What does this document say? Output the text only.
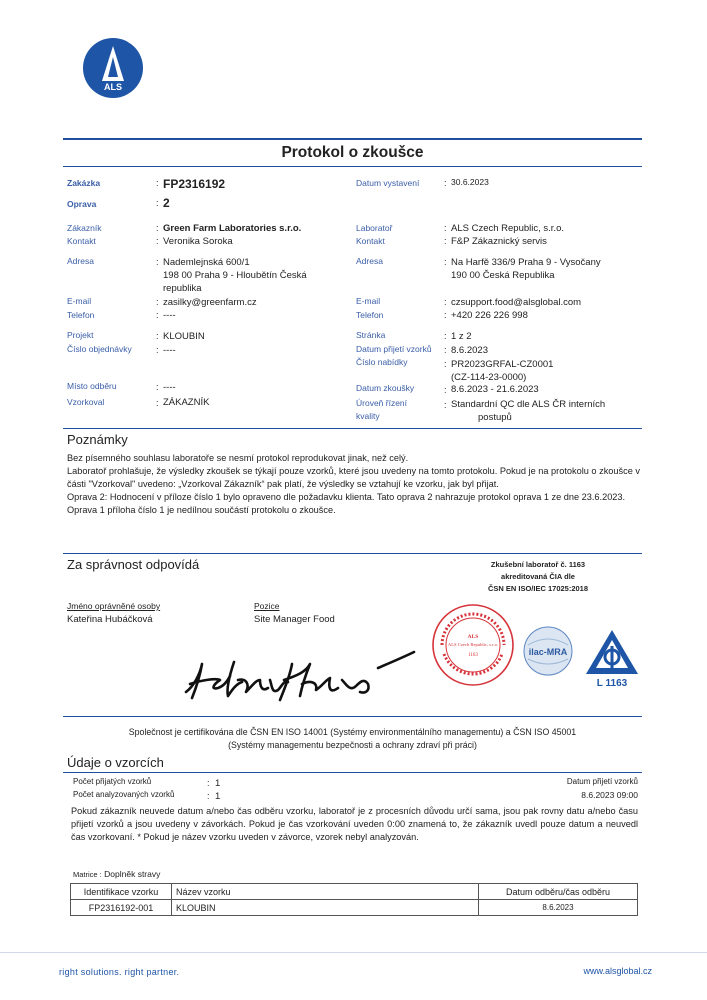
ALS
Protokol o zkoušce
Zakázka	: FP2316192
Oprava	: 2
Datum vystavení	: 30.6.2023
Zákazník	: Green Farm Laboratories s.r.o.
Kontakt	: Veronika Soroka
Adresa	: Nademlejnská 600/1
198 00 Praha 9 - Hloubětín Česká
republika
E-mail	: zasilky@greenfarm.cz
Telefon	: ----
Projekt	: KLOUBIN
Číslo objednávky	: ----
Místo odběru	: ----
Vzorkoval	: ZÁKAZNÍK
Laboratoř	: ALS Czech Republic, s.r.o.
Kontakt	: F&P Zákaznický servis
Adresa	: Na Harfě 336/9 Praha 9 - Vysočany
190 00 Česká Republika
E-mail	: czsupport.food@alsglobal.com
Telefon	: +420 226 226 998
Stránka	: 1 z 2
Datum přijetí vzorků : 8.6.2023
Číslo nabídky	: PR2023GRFAL-CZ0001
(CZ-114-23-0000)
Datum zkoušky	: 8.6.2023 - 21.6.2023
Úroveň řízení
kvality
: Standardní QC dle ALS ČR interních
postupů
Poznámky
Bez písemného souhlasu laboratoře se nesmí protokol reprodukovat jinak, než celý.
Laboratoř prohlašuje, že výsledky zkoušek se týkají pouze vzorků, které jsou uvedeny na tomto protokolu. Pokud je na protokolu o zkoušce v části "Vzorkoval" uvedeno: „Vzorkoval Zákazník“ pak platí, že výsledky se vztahují ke vzorku, jak byl přijat.
Oprava 2: Hodnocení v příloze číslo 1 bylo opraveno dle požadavku klienta. Tato oprava 2 nahrazuje protokol oprava 1 ze dne 23.6.2023.
Oprava 1 příloha číslo 1 je nedílnou součástí protokolu o zkoušce.
Za správnost odpovídá	Zkušební laboratoř č. 1163
akreditovaná ČIA dle
ČSN EN ISO/IEC 17025:2018
Jméno oprávněné osoby
Kateřina Hubáčková
Pozice
Site Manager Food
ALS
ALS Czech Republic, s.r.o.
1163	ilac-MRA
L 1163
Společnost je certifikována dle ČSN EN ISO 14001 (Systémy environmentálního managementu) a ČSN ISO 45001
(Systémy managementu bezpečnosti a ochrany zdraví při práci)
Údaje o vzorcích
Počet přijatých vzorků	: 1
Počet analyzovaných vzorků	: 1
Datum přijetí vzorků
8.6.2023 09:00
Pokud zákazník neuvede datum a/nebo čas odběru vzorku, laboratoř je z procesních důvodu určí sama, jsou pak rovny datu a/nebo času přijetí vzorků a jsou uvedeny v závorkách. Pokud je čas vzorkování uveden 0:00 znamená to, že zákazník uvedl pouze datum a neuvedl čas vzorkovaní. * Pokud je název vzorku uveden v závorce, vzorek nebyl analyzován.
Matrice : Doplněk stravy
Identifikace vzorku	Název vzorku	Datum odběru/čas odběru
FP2316192-001	KLOUBIN	8.6.2023
right solutions. right partner.	www.alsglobal.cz
